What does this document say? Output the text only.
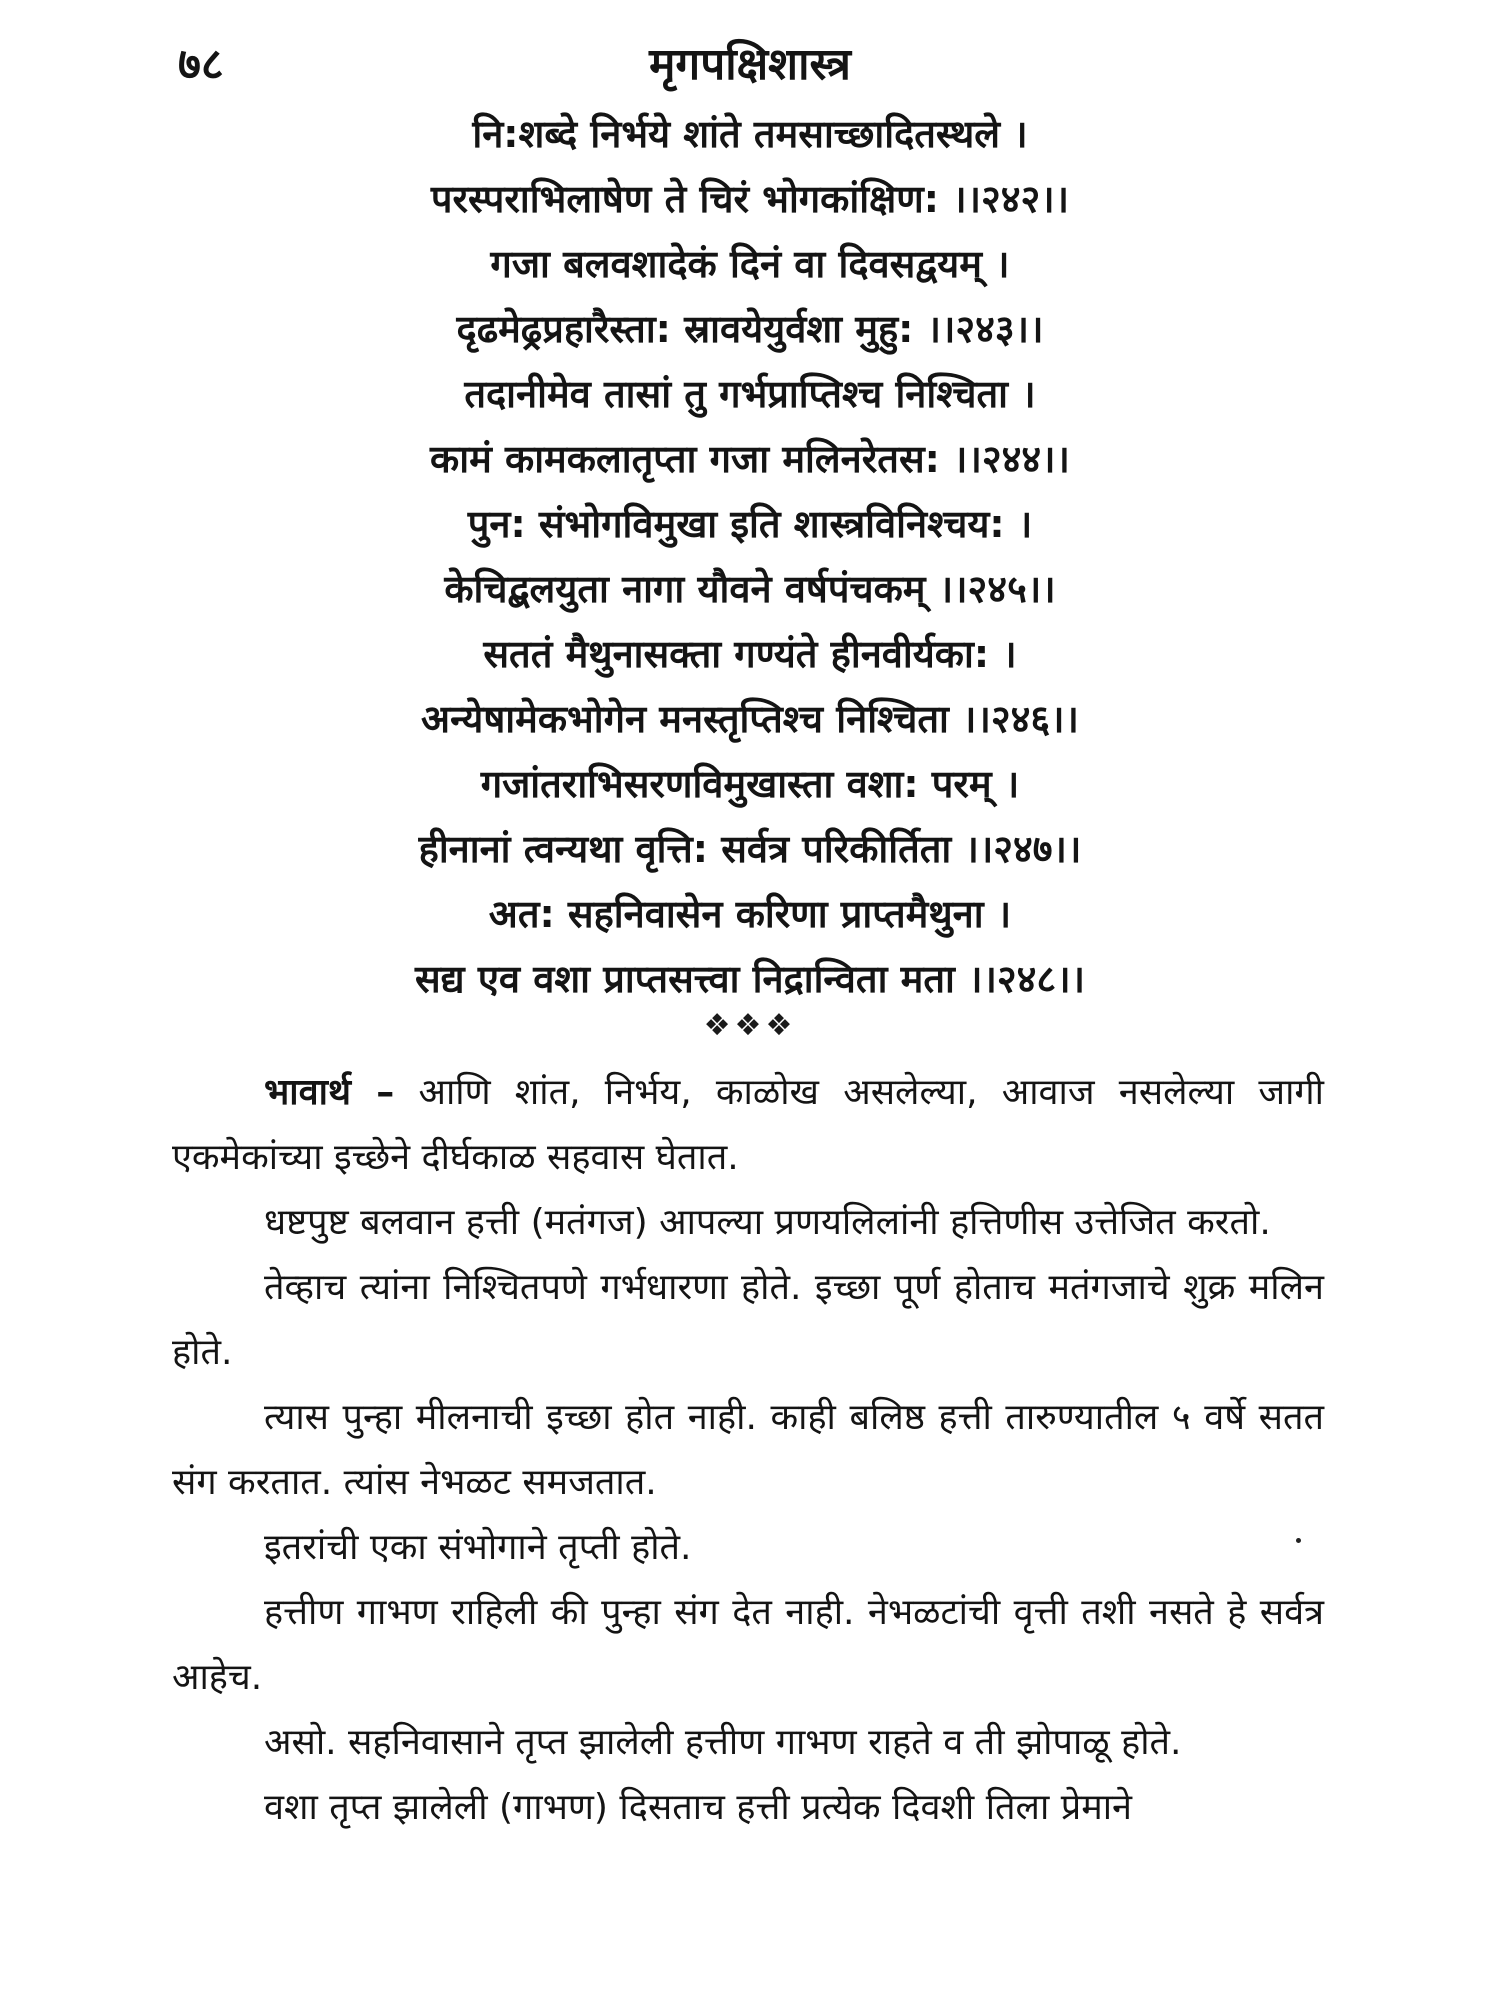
७८	मृगपक्षिशास्त्र
नि:शब्दे निर्भये शांते तमसाच्छादितस्थले ।
परस्पराभिलाषेण ते चिरं भोगकांक्षिण: ।।२४२।।
गजा बलवशादेकं दिनं वा दिवसद्वयम् ।
दृढमेढ्रप्रहारैस्ता: स्रावयेयुर्वशा मुहु: ।।२४३।।
तदानीमेव तासां तु गर्भप्राप्तिश्च निश्चिता ।
कामं कामकलातृप्ता गजा मलिनरेतस: ।।२४४।।
पुन: संभोगविमुखा इति शास्त्रविनिश्चय: ।
केचिद्बलयुता नागा यौवने वर्षपंचकम् ।।२४५।।
सततं मैथुनासक्ता गण्यंते हीनवीर्यका: ।
अन्येषामेकभोगेन मनस्तृप्तिश्च निश्चिता ।।२४६।।
गजांतराभिसरणविमुखास्ता वशा: परम् ।
हीनानां त्वन्यथा वृत्ति: सर्वत्र परिकीर्तिता ।।२४७।।
अत: सहनिवासेन करिणा प्राप्तमैथुना ।
सद्य एव वशा प्राप्तसत्त्वा निद्रान्विता मता ।।२४८।।
❖❖❖

भावार्थ – आणि शांत, निर्भय, काळोख असलेल्या, आवाज नसलेल्या जागी एकमेकांच्या इच्छेने दीर्घकाळ सहवास घेतात.

धष्टपुष्ट बलवान हत्ती (मतंगज) आपल्या प्रणयलिलांनी हत्तिणीस उत्तेजित करतो.

तेव्हाच त्यांना निश्चितपणे गर्भधारणा होते. इच्छा पूर्ण होताच मतंगजाचे शुक्र मलिन होते.

त्यास पुन्हा मीलनाची इच्छा होत नाही. काही बलिष्ठ हत्ती तारुण्यातील ५ वर्षे सतत संग करतात. त्यांस नेभळट समजतात.

इतरांची एका संभोगाने तृप्ती होते.

हत्तीण गाभण राहिली की पुन्हा संग देत नाही. नेभळटांची वृत्ती तशी नसते हे सर्वत्र आहेच.

असो. सहनिवासाने तृप्त झालेली हत्तीण गाभण राहते व ती झोपाळू होते.

वशा तृप्त झालेली (गाभण) दिसताच हत्ती प्रत्येक दिवशी तिला प्रेमाने
